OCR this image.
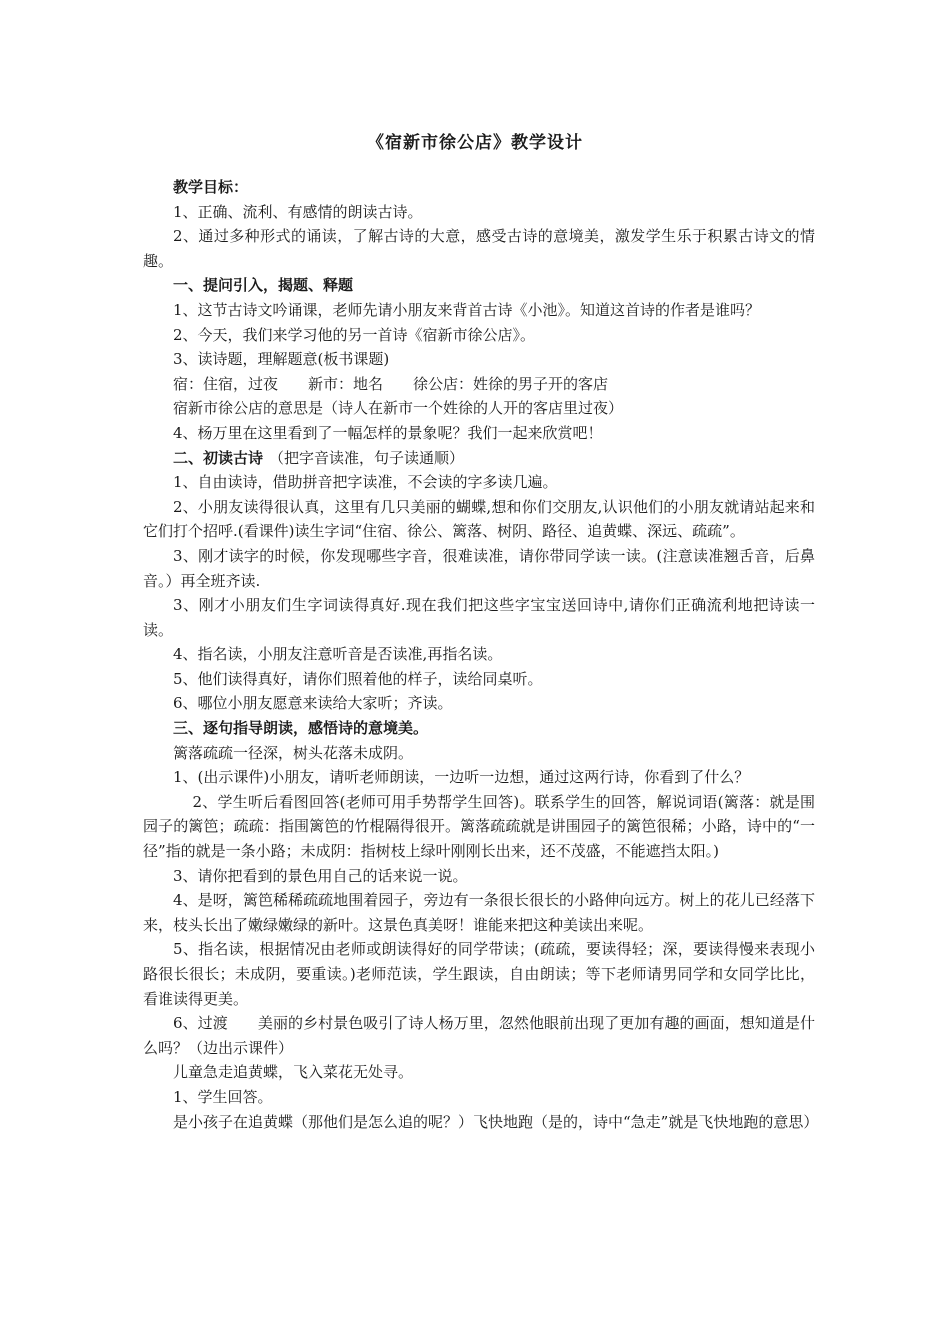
《宿新市徐公店》教学设计

教学目标：

1、正确、流利、有感情的朗读古诗。

2、通过多种形式的诵读，了解古诗的大意，感受古诗的意境美，激发学生乐于积累古诗文的情趣。

一、提问引入，揭题、释题

1、这节古诗文吟诵课，老师先请小朋友来背首古诗《小池》。知道这首诗的作者是谁吗？

2、今天，我们来学习他的另一首诗《宿新市徐公店》。

3、读诗题，理解题意(板书课题)

宿：住宿，过夜　　新市：地名　　徐公店：姓徐的男子开的客店

宿新市徐公店的意思是（诗人在新市一个姓徐的人开的客店里过夜）

4、杨万里在这里看到了一幅怎样的景象呢？我们一起来欣赏吧！

二、初读古诗 （把字音读准，句子读通顺）

1、自由读诗，借助拼音把字读准，不会读的字多读几遍。

2、小朋友读得很认真，这里有几只美丽的蝴蝶,想和你们交朋友,认识他们的小朋友就请站起来和它们打个招呼.(看课件)读生字词“住宿、徐公、篱落、树阴、路径、追黄蝶、深远、疏疏”。

3、刚才读字的时候，你发现哪些字音，很难读准，请你带同学读一读。(注意读准翘舌音，后鼻音。）再全班齐读.

3、刚才小朋友们生字词读得真好.现在我们把这些字宝宝送回诗中,请你们正确流利地把诗读一读。

4、指名读，小朋友注意听音是否读准,再指名读。

5、他们读得真好，请你们照着他的样子，读给同桌听。

6、哪位小朋友愿意来读给大家听；齐读。

三、逐句指导朗读，感悟诗的意境美。

篱落疏疏一径深，树头花落未成阴。

1、(出示课件)小朋友，请听老师朗读，一边听一边想，通过这两行诗，你看到了什么？

2、学生听后看图回答(老师可用手势帮学生回答)。联系学生的回答，解说词语(篱落：就是围园子的篱笆；疏疏：指围篱笆的竹棍隔得很开。篱落疏疏就是讲围园子的篱笆很稀；小路，诗中的“一径”指的就是一条小路；未成阴：指树枝上绿叶刚刚长出来，还不茂盛，不能遮挡太阳。)

3、请你把看到的景色用自己的话来说一说。

4、是呀，篱笆稀稀疏疏地围着园子，旁边有一条很长很长的小路伸向远方。树上的花儿已经落下来，枝头长出了嫩绿嫩绿的新叶。这景色真美呀！谁能来把这种美读出来呢。

5、指名读，根据情况由老师或朗读得好的同学带读；(疏疏，要读得轻；深，要读得慢来表现小路很长很长；未成阴，要重读。)老师范读，学生跟读，自由朗读；等下老师请男同学和女同学比比，看谁读得更美。

6、过渡　　美丽的乡村景色吸引了诗人杨万里，忽然他眼前出现了更加有趣的画面，想知道是什么吗？（边出示课件）

儿童急走追黄蝶，飞入菜花无处寻。

1、学生回答。

是小孩子在追黄蝶（那他们是怎么追的呢？）飞快地跑（是的，诗中“急走”就是飞快地跑的意思）
